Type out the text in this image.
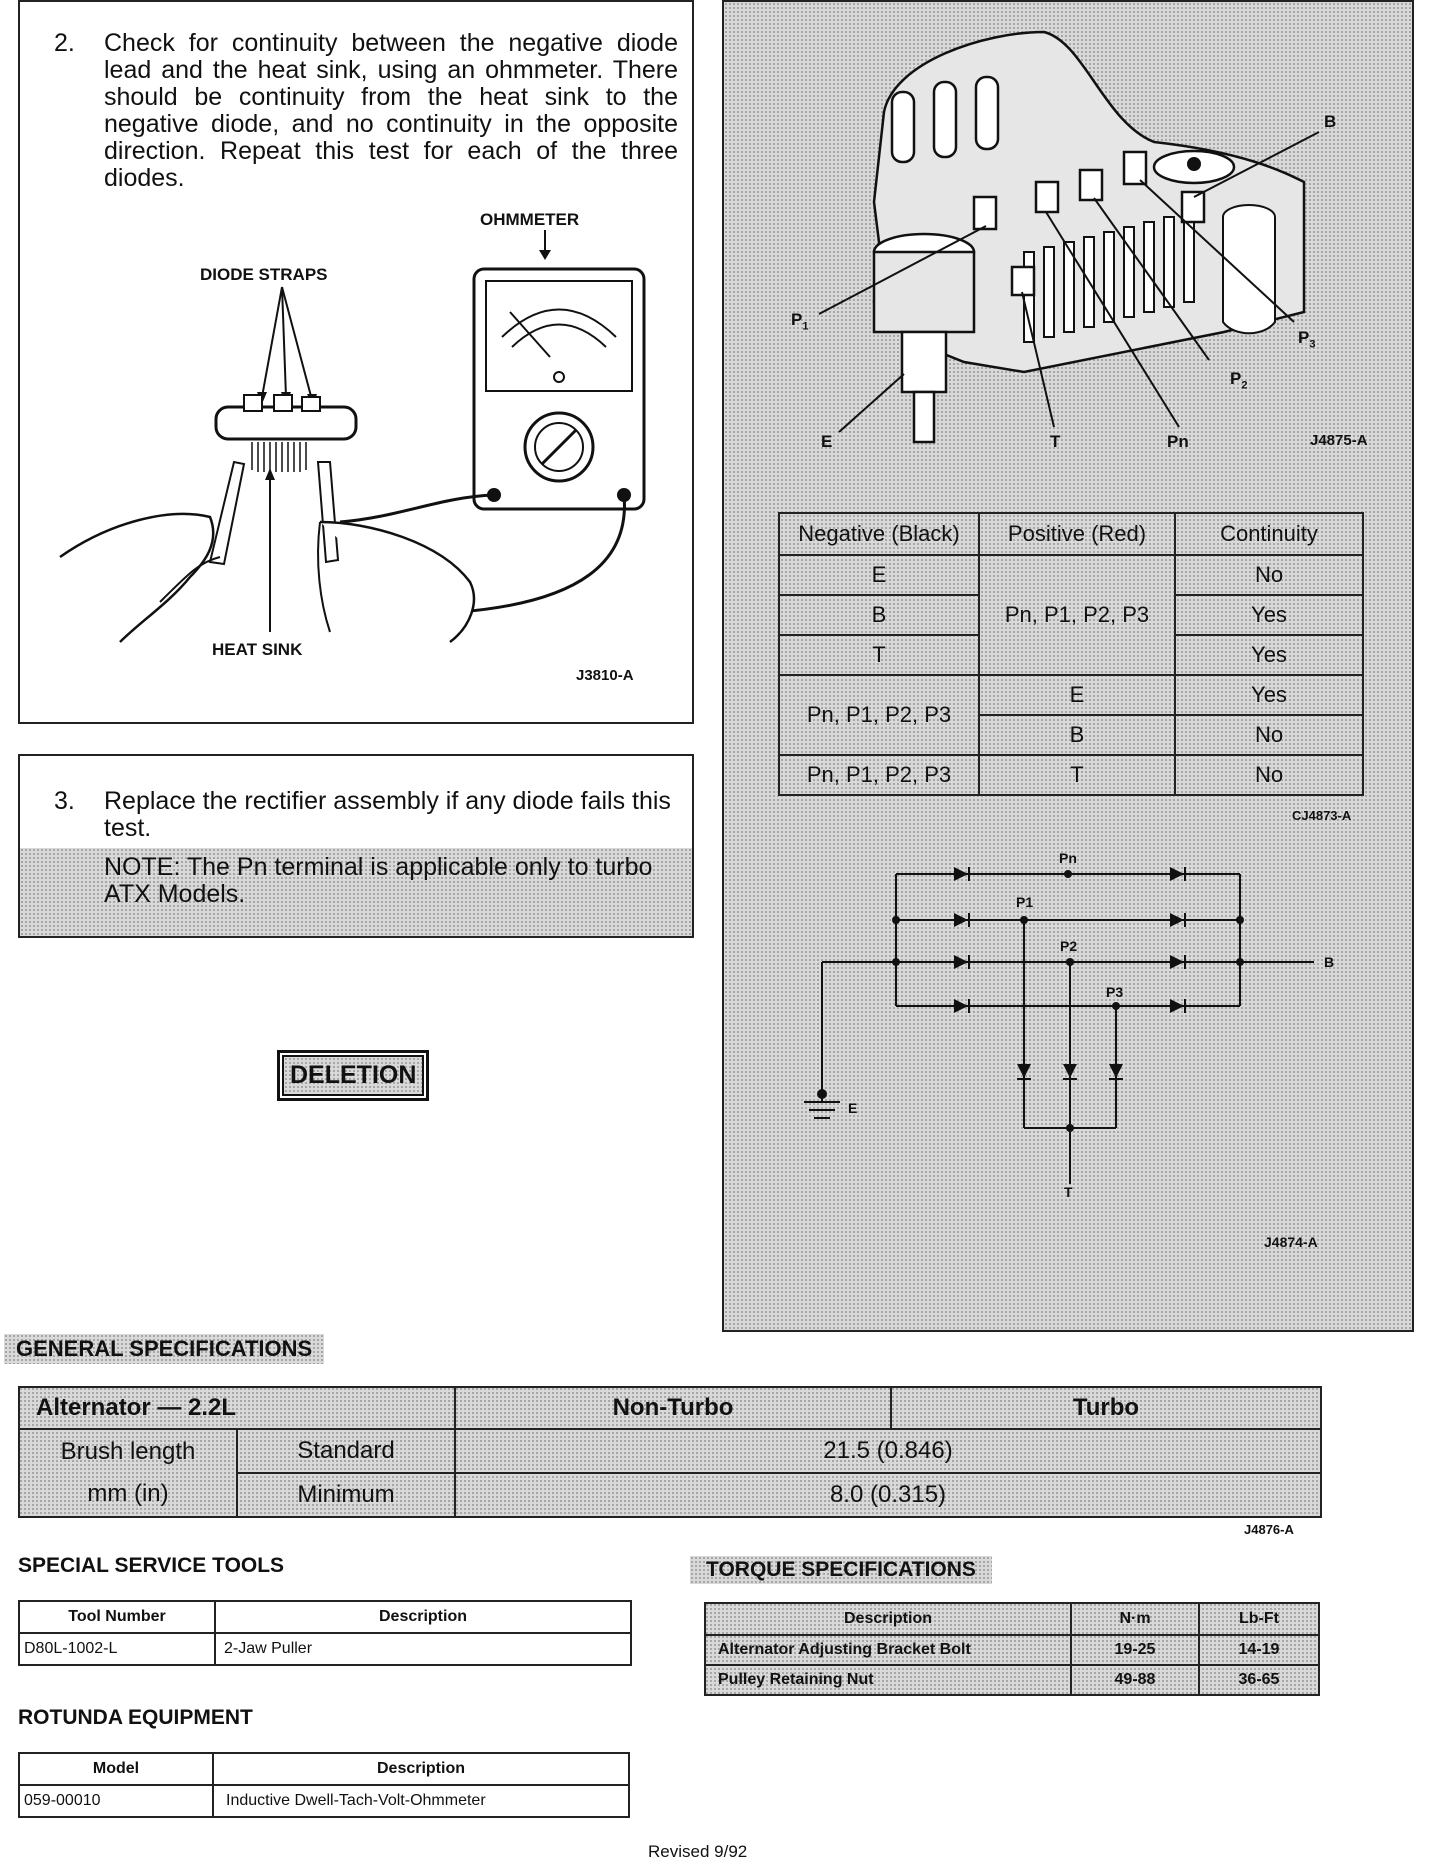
2. Check for continuity between the negative diode lead and the heat sink, using an ohmmeter. There should be continuity from the heat sink to the negative diode, and no continuity in the opposite direction. Repeat this test for each of the three diodes.
OHMMETER
DIODE STRAPS
HEAT SINK
J3810-A
3. Replace the rectifier assembly if any diode fails this test.
NOTE: The Pn terminal is applicable only to turbo ATX Models.
DELETION
B
$P_1$
$P_3$
$P_2$
E	T	Pn	J4875-A
Negative (Black)	Positive (Red)	Continuity
E	Pn, P1, P2, P3	No
B		Yes
T		Yes
Pn, P1, P2, P3	E	Yes
	B	No
Pn, P1, P2, P3	T	No
CJ4873-A
Pn
P1
P2
P3
B
E
T
J4874-A
GENERAL SPECIFICATIONS
Alternator — 2.2L		Non-Turbo	Turbo

Brush length
mm (in)	Standard	21.5 (0.846)	
	Minimum	8.0 (0.315)	
J4876-A
SPECIAL SERVICE TOOLS
Tool Number	Description
D80L-1002-L	2-Jaw Puller
ROTUNDA EQUIPMENT
Model	Description
059-00010	Inductive Dwell-Tach-Volt-Ohmmeter
TORQUE SPECIFICATIONS
Description	N·m	Lb-Ft
Alternator Adjusting Bracket Bolt	19-25	14-19
Pulley Retaining Nut	49-88	36-65
Revised 9/92
